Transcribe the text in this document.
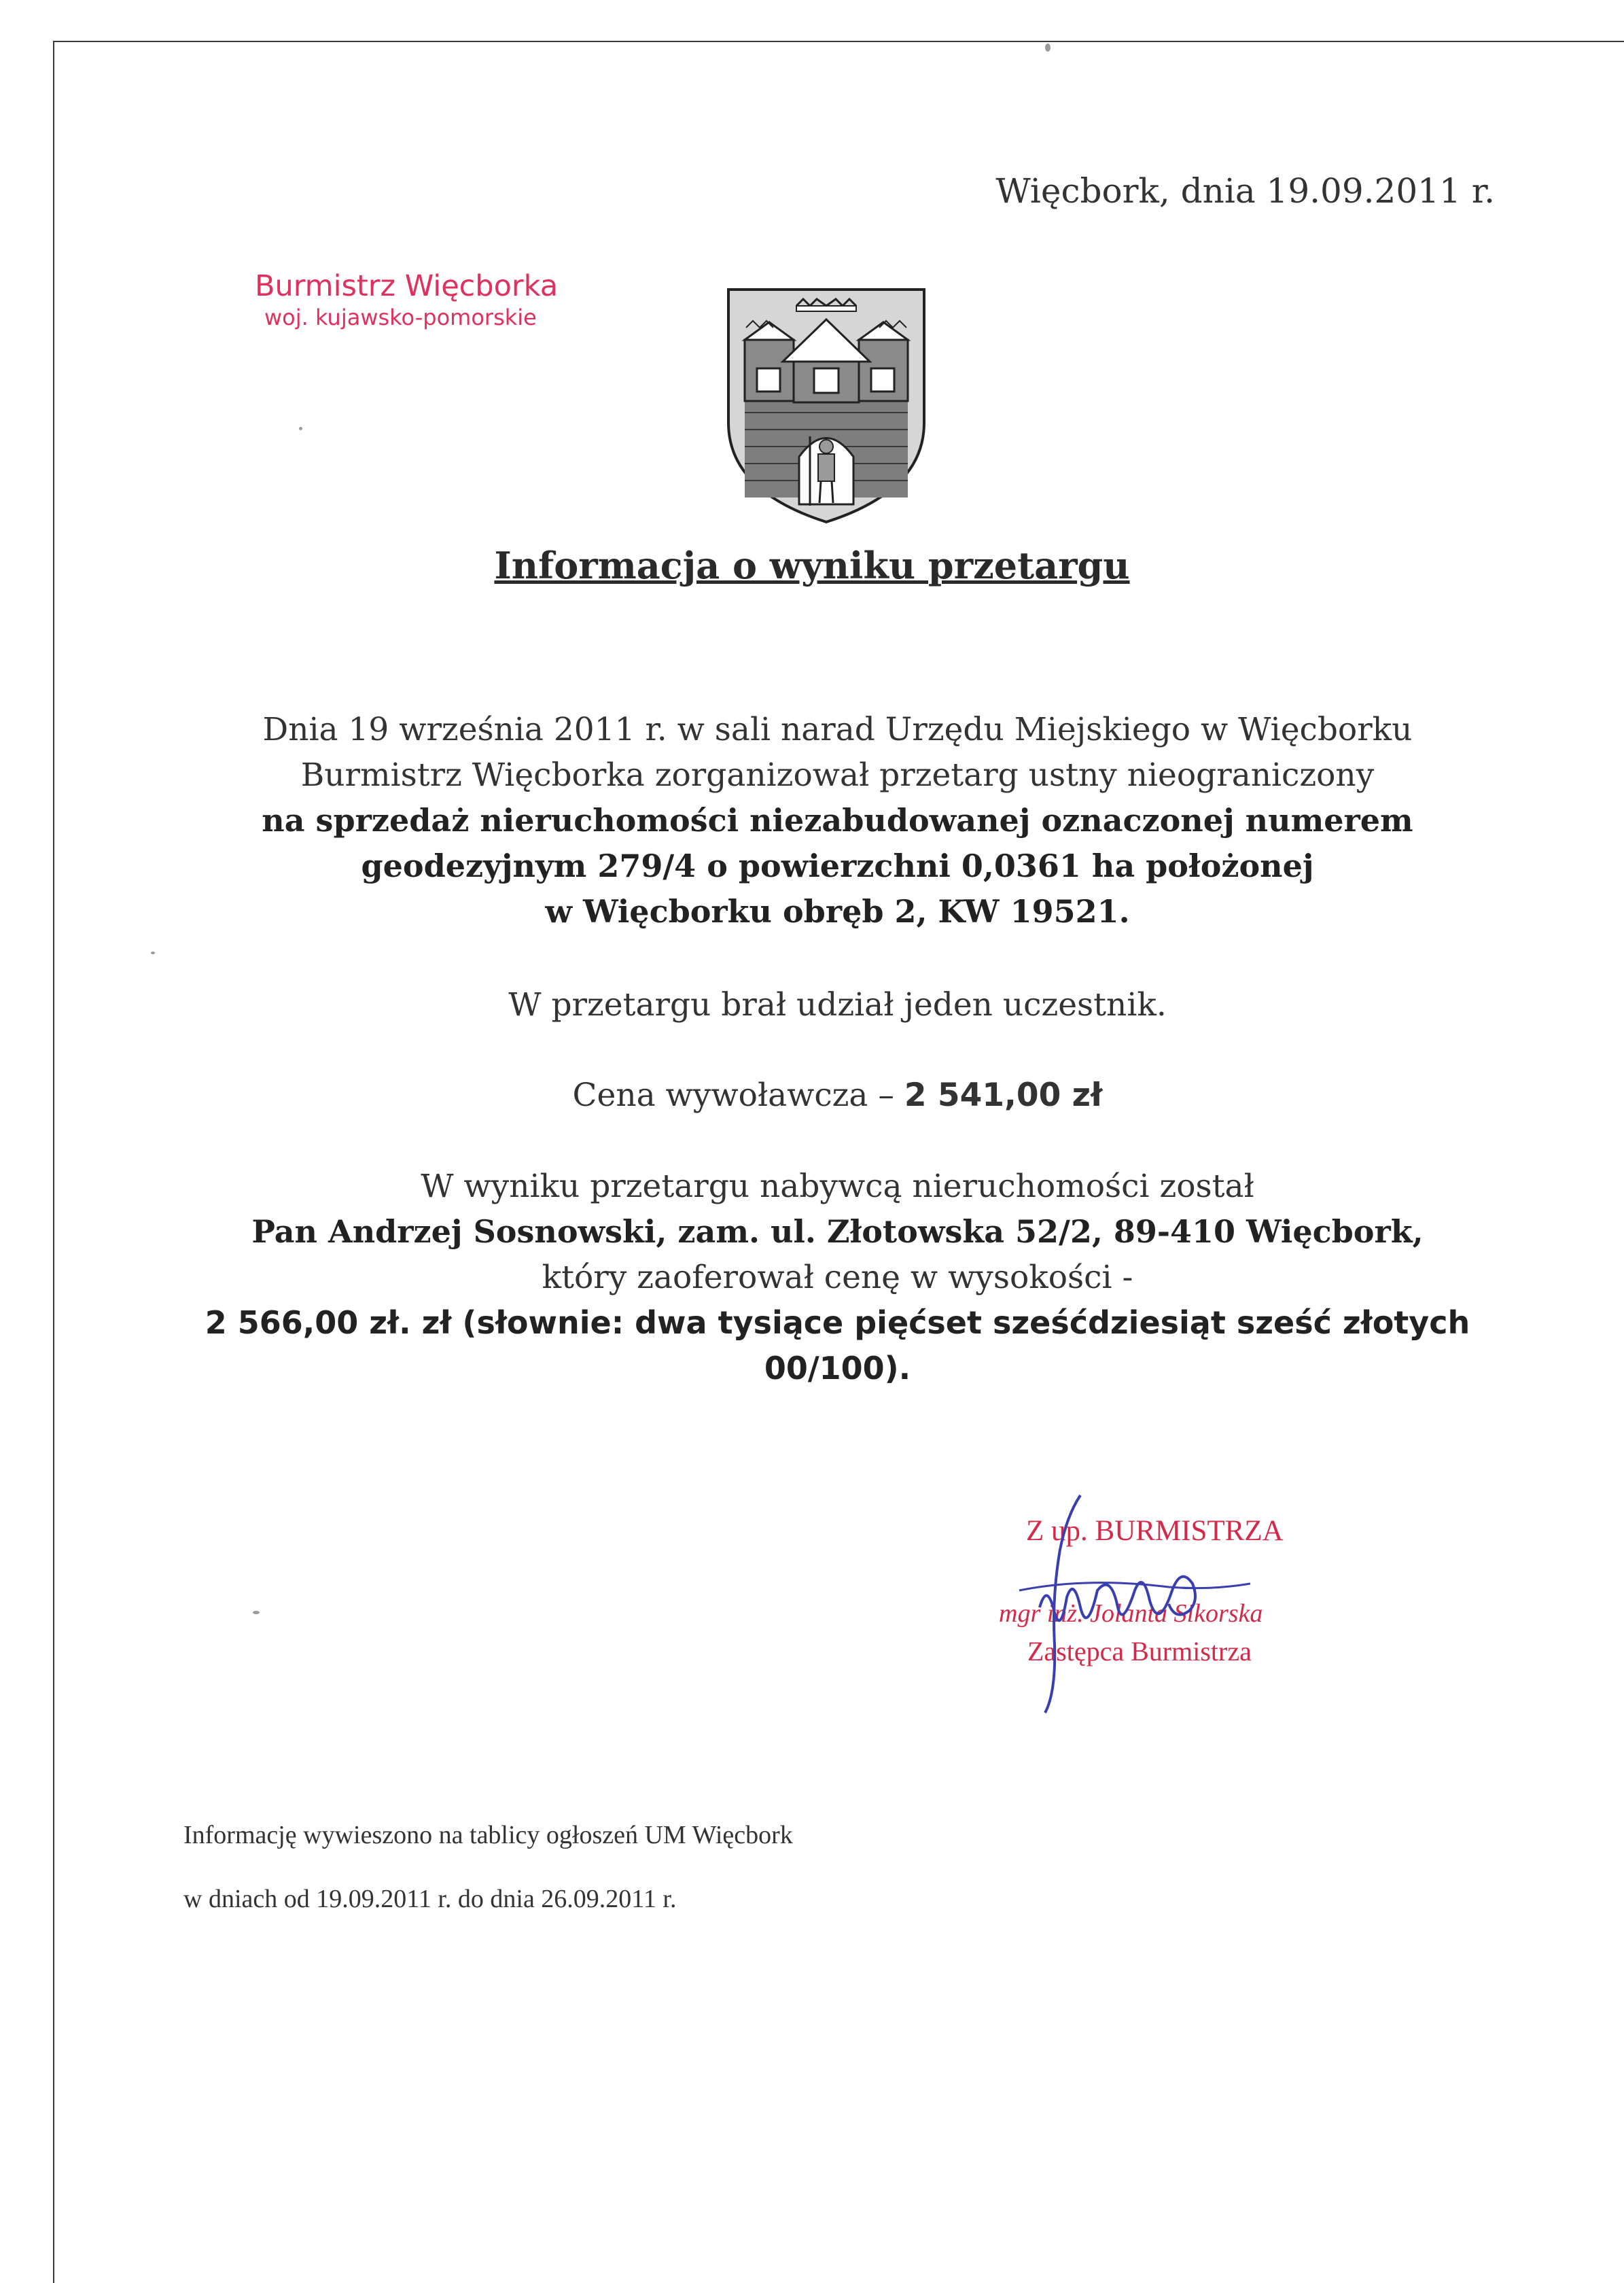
Więcbork, dnia 19.09.2011 r.
Burmistrz Więcborka
woj. kujawsko-pomorskie
Informacja o wyniku przetargu

Dnia 19 września 2011 r. w sali narad Urzędu Miejskiego w Więcborku

Burmistrz Więcborka zorganizował przetarg ustny nieograniczony

na sprzedaż nieruchomości niezabudowanej oznaczonej numerem

geodezyjnym 279/4 o powierzchni 0,0361 ha położonej

w Więcborku obręb 2, KW 19521.

W przetargu brał udział jeden uczestnik.

Cena wywoławcza – 2 541,00 zł

W wyniku przetargu nabywcą nieruchomości został

Pan Andrzej Sosnowski, zam. ul. Złotowska 52/2, 89-410 Więcbork,

który zaoferował cenę w wysokości -

2 566,00 zł. zł (słownie: dwa tysiące pięćset sześćdziesiąt sześć złotych

00/100).

Z up. BURMISTRZA
mgr inż. Jolanta Sikorska
Zastępca Burmistrza
Informację wywieszono na tablicy ogłoszeń UM Więcbork
w dniach od 19.09.2011 r. do dnia 26.09.2011 r.
